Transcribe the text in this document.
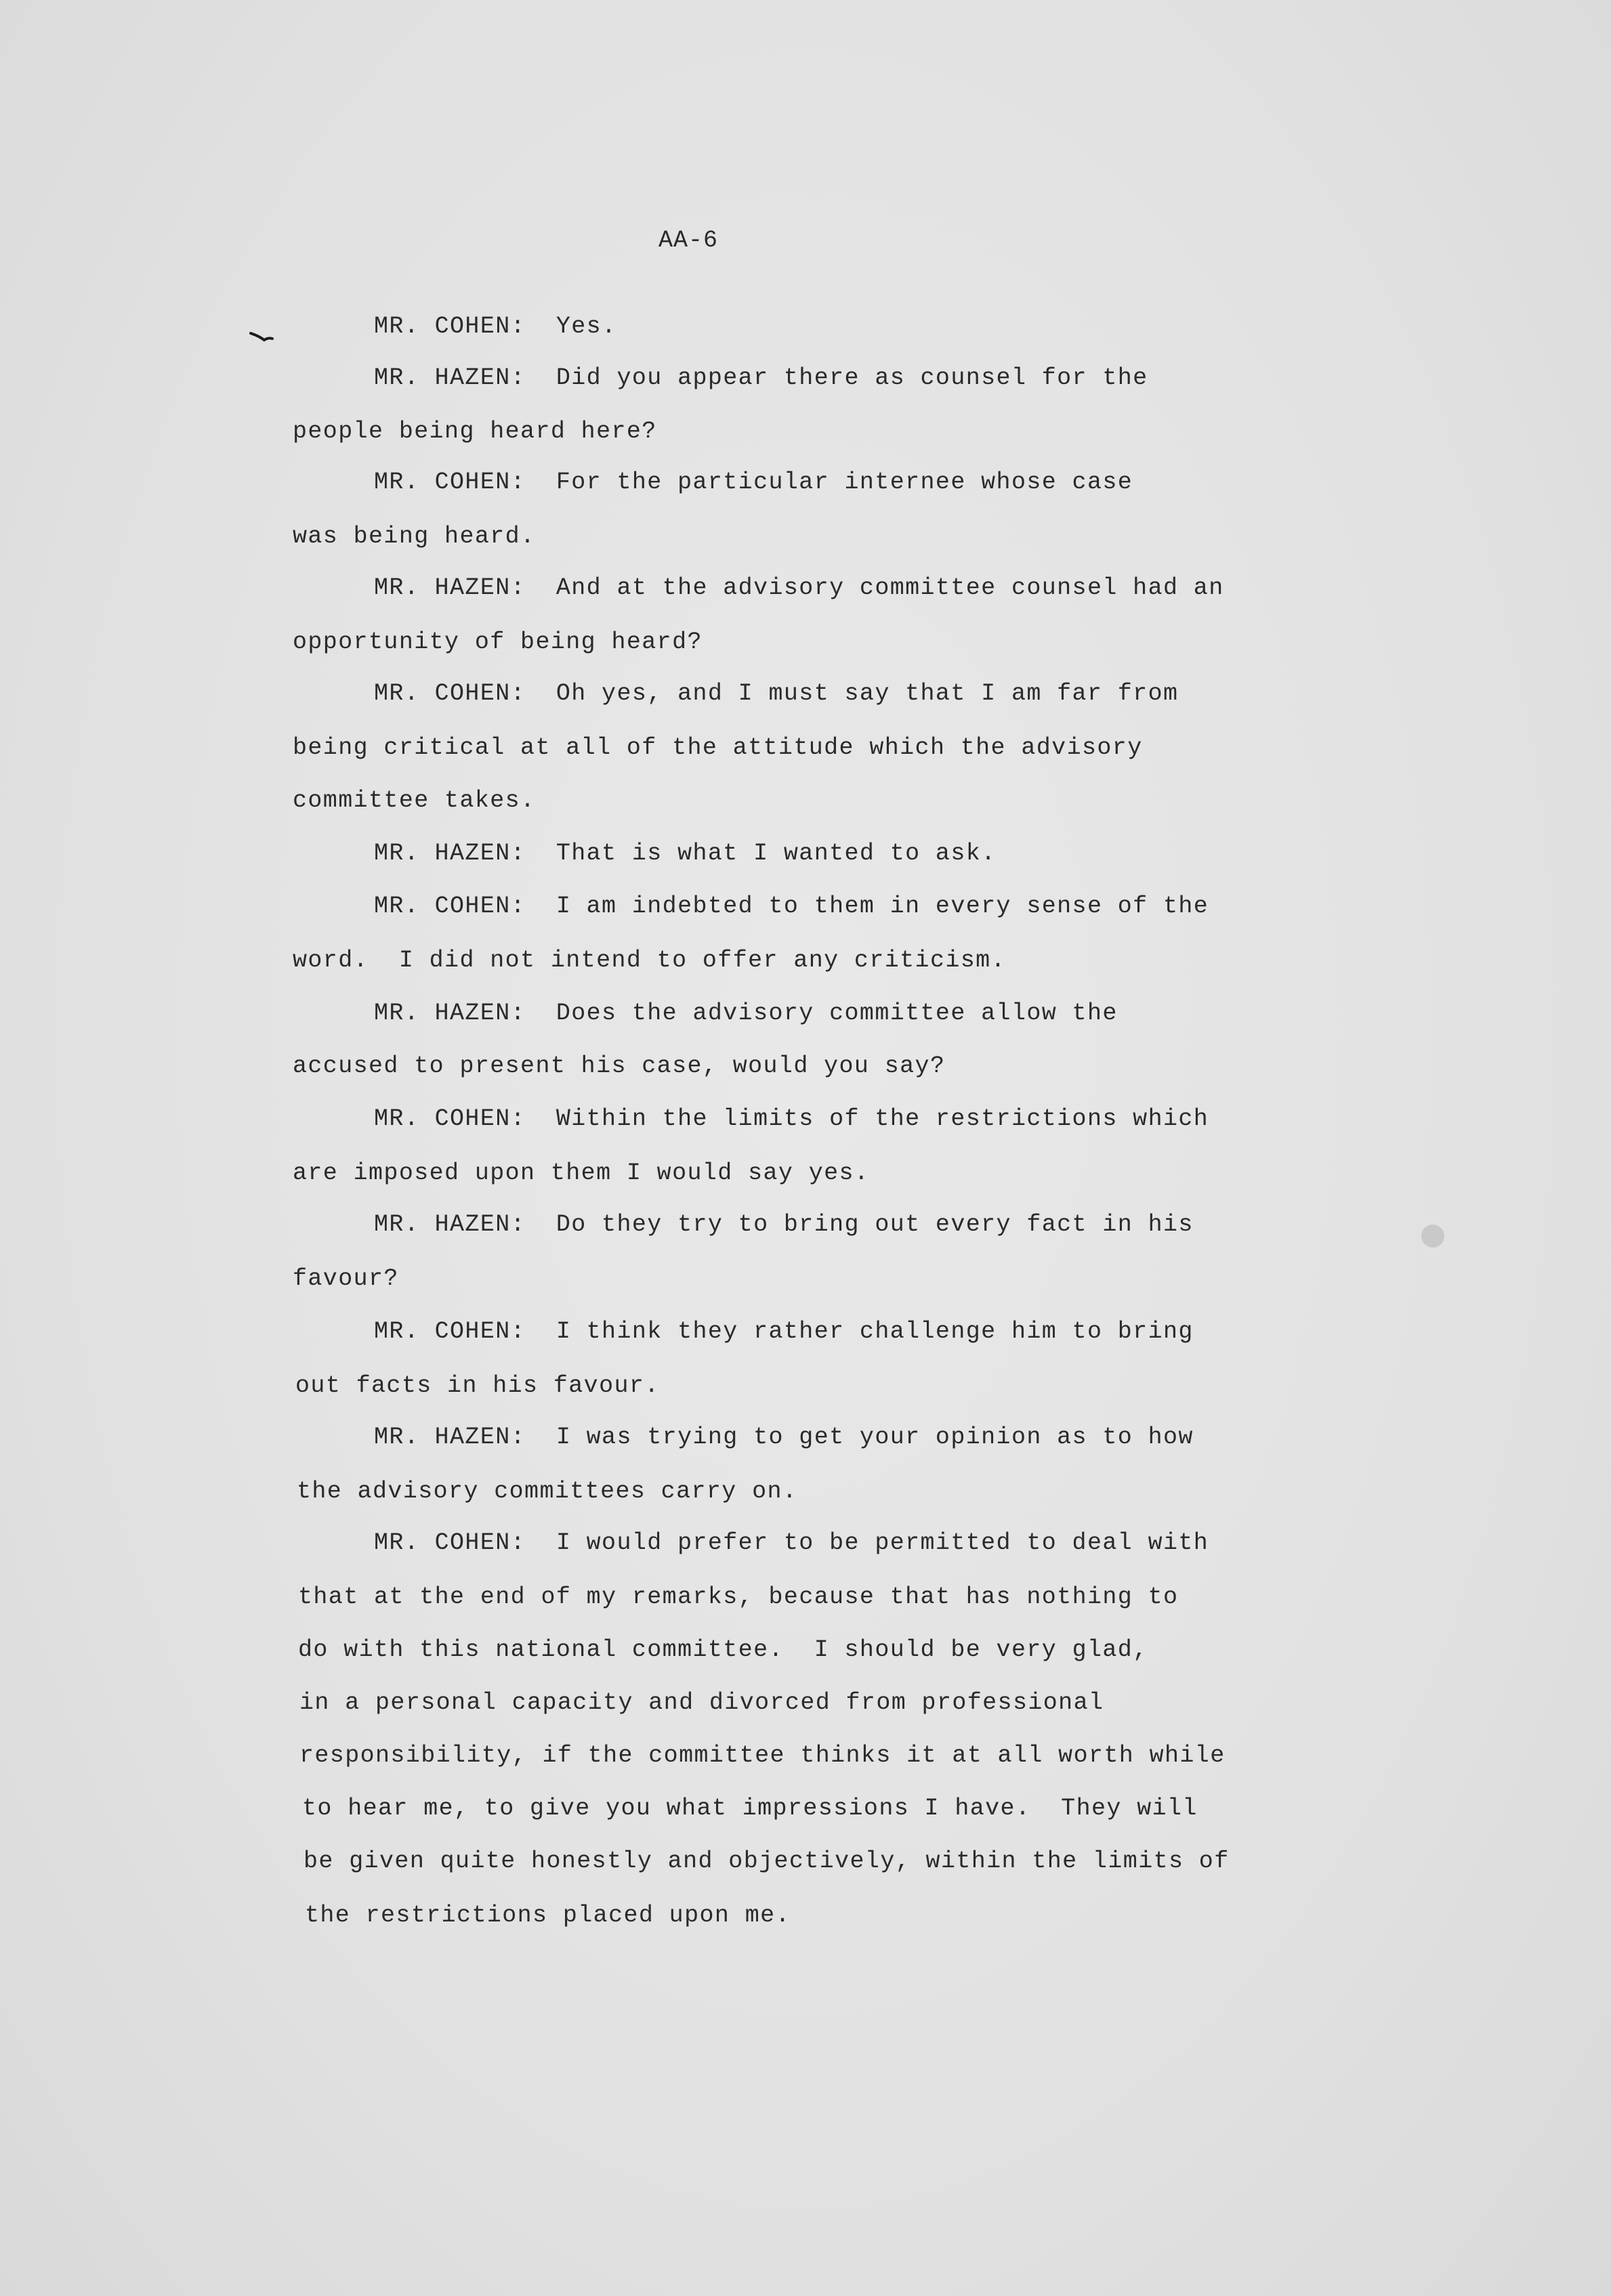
AA-6
MR. COHEN:  Yes.
MR. HAZEN:  Did you appear there as counsel for the
people being heard here?
MR. COHEN:  For the particular internee whose case
was being heard.
MR. HAZEN:  And at the advisory committee counsel had an
opportunity of being heard?
MR. COHEN:  Oh yes, and I must say that I am far from
being critical at all of the attitude which the advisory
committee takes.
MR. HAZEN:  That is what I wanted to ask.
MR. COHEN:  I am indebted to them in every sense of the
word.  I did not intend to offer any criticism.
MR. HAZEN:  Does the advisory committee allow the
accused to present his case, would you say?
MR. COHEN:  Within the limits of the restrictions which
are imposed upon them I would say yes.
MR. HAZEN:  Do they try to bring out every fact in his
favour?
MR. COHEN:  I think they rather challenge him to bring
out facts in his favour.
MR. HAZEN:  I was trying to get your opinion as to how
the advisory committees carry on.
MR. COHEN:  I would prefer to be permitted to deal with
that at the end of my remarks, because that has nothing to
do with this national committee.  I should be very glad,
in a personal capacity and divorced from professional
responsibility, if the committee thinks it at all worth while
to hear me, to give you what impressions I have.  They will
be given quite honestly and objectively, within the limits of
the restrictions placed upon me.
